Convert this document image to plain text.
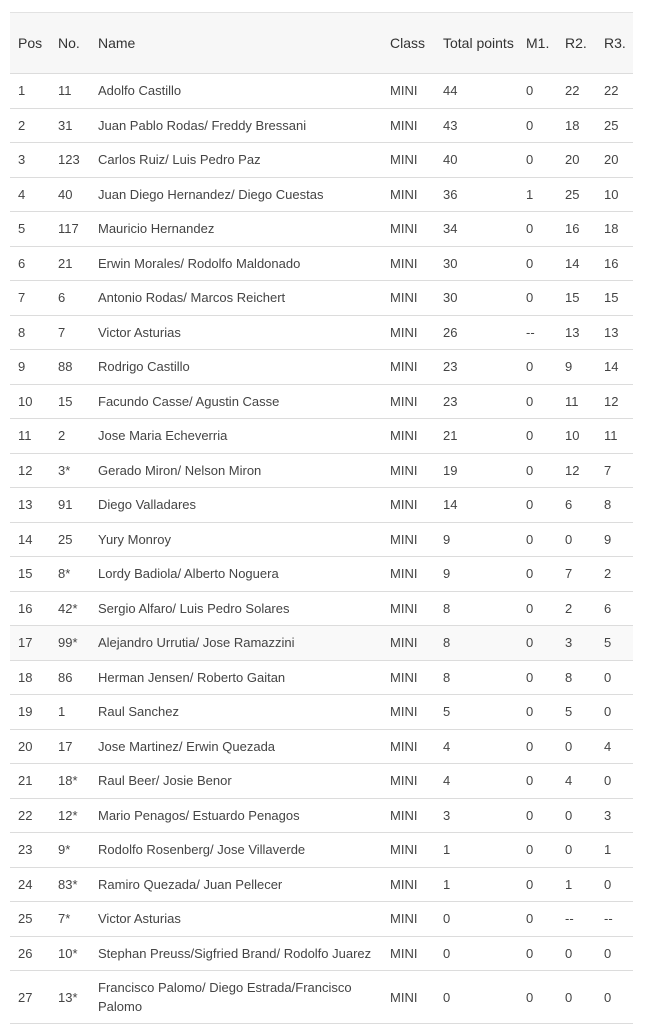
Pos	No.	Name	Class	Total points	M1.	R2.	R3.
1	11	Adolfo Castillo	MINI	44	0	22	22
2	31	Juan Pablo Rodas/ Freddy Bressani	MINI	43	0	18	25
3	123	Carlos Ruiz/ Luis Pedro Paz	MINI	40	0	20	20
4	40	Juan Diego Hernandez/ Diego Cuestas	MINI	36	1	25	10
5	117	Mauricio Hernandez	MINI	34	0	16	18
6	21	Erwin Morales/ Rodolfo Maldonado	MINI	30	0	14	16
7	6	Antonio Rodas/ Marcos Reichert	MINI	30	0	15	15
8	7	Victor Asturias	MINI	26	--	13	13
9	88	Rodrigo Castillo	MINI	23	0	9	14
10	15	Facundo Casse/ Agustin Casse	MINI	23	0	11	12
11	2	Jose Maria Echeverria	MINI	21	0	10	11
12	3*	Gerado Miron/ Nelson Miron	MINI	19	0	12	7
13	91	Diego Valladares	MINI	14	0	6	8
14	25	Yury Monroy	MINI	9	0	0	9
15	8*	Lordy Badiola/ Alberto Noguera	MINI	9	0	7	2
16	42*	Sergio Alfaro/ Luis Pedro Solares	MINI	8	0	2	6
17	99*	Alejandro Urrutia/ Jose Ramazzini	MINI	8	0	3	5
18	86	Herman Jensen/ Roberto Gaitan	MINI	8	0	8	0
19	1	Raul Sanchez	MINI	5	0	5	0
20	17	Jose Martinez/ Erwin Quezada	MINI	4	0	0	4
21	18*	Raul Beer/ Josie Benor	MINI	4	0	4	0
22	12*	Mario Penagos/ Estuardo Penagos	MINI	3	0	0	3
23	9*	Rodolfo Rosenberg/ Jose Villaverde	MINI	1	0	0	1
24	83*	Ramiro Quezada/ Juan Pellecer	MINI	1	0	1	0
25	7*	Victor Asturias	MINI	0	0	--	--
26	10*	Stephan Preuss/Sigfried Brand/ Rodolfo Juarez	MINI	0	0	0	0
27	13*	Francisco Palomo/ Diego Estrada/Francisco Palomo	MINI	0	0	0	0
